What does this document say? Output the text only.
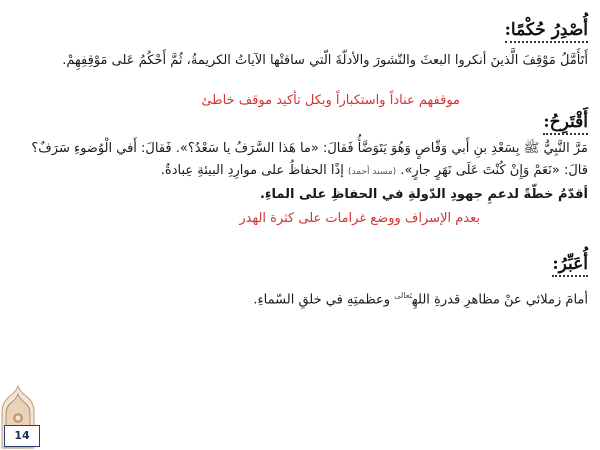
أُصْدِرُ حُكْمًا:
أَتَأَمَّلُ مَوْقِفَ الَّذينَ أنكروا البعثَ والنّشورَ والأدلّةَ الّتي ساقتْها الآياتُ الكريمةُ، ثُمَّ أَحْكُمُ عَلى مَوْقِفِهِمْ.
موقفهم عناداً واستكباراً وبكل تأكيد موقف خاطئ
أَقْتَرِحُ:
مَرَّ النَّبِيُّ ﷺ بِسَعْدِ بنِ أَبي وَقّاصٍ وَهُوَ يَتَوَضَّأُ فَقالَ: «ما هَذا السَّرَفُ يا سَعْدُ؟». فَقالَ: أَفي الْوُضوءِ سَرَفٌ؟
قالَ: «نَعَمْ وَإِنْ كُنْتَ عَلَى نَهَرٍ جارٍ». (مسند أحمد) إذًا الحفاظُ على موارِدِ البيئةِ عِبادةٌ.
أقدّمُ خطّةً لدعمِ جهودِ الدّولةِ في الحفاظِ على الماءِ.
بعدم الإسراف ووضع غرامات على كثرة الهدر
أُعَبِّرُ:
أمامَ زملائي عنْ مظاهرِ قدرةِ اللهِ$^{تَعالى}$ وعظمتِهِ في خلقِ السّماءِ.
14
